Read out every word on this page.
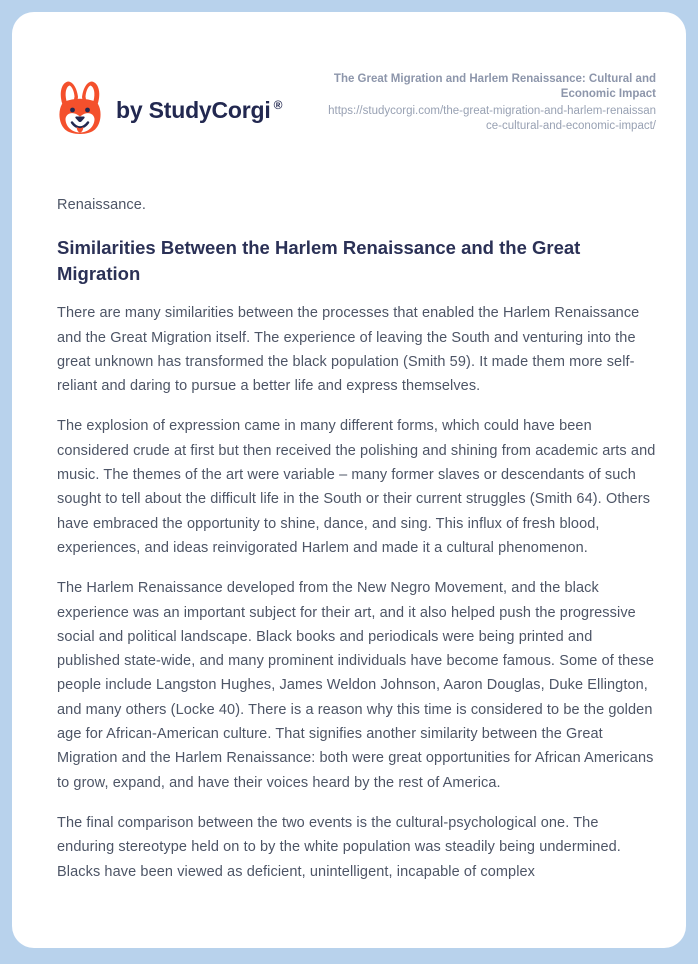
by StudyCorgi ®
The Great Migration and Harlem Renaissance: Cultural and Economic Impact
https://studycorgi.com/the-great-migration-and-harlem-renaissance-cultural-and-economic-impact/

Renaissance.

Similarities Between the Harlem Renaissance and the Great Migration

There are many similarities between the processes that enabled the Harlem Renaissance and the Great Migration itself. The experience of leaving the South and venturing into the great unknown has transformed the black population (Smith 59). It made them more self-reliant and daring to pursue a better life and express themselves.

The explosion of expression came in many different forms, which could have been considered crude at first but then received the polishing and shining from academic arts and music. The themes of the art were variable – many former slaves or descendants of such sought to tell about the difficult life in the South or their current struggles (Smith 64). Others have embraced the opportunity to shine, dance, and sing. This influx of fresh blood, experiences, and ideas reinvigorated Harlem and made it a cultural phenomenon.

The Harlem Renaissance developed from the New Negro Movement, and the black experience was an important subject for their art, and it also helped push the progressive social and political landscape. Black books and periodicals were being printed and published state-wide, and many prominent individuals have become famous. Some of these people include Langston Hughes, James Weldon Johnson, Aaron Douglas, Duke Ellington, and many others (Locke 40). There is a reason why this time is considered to be the golden age for African-American culture. That signifies another similarity between the Great Migration and the Harlem Renaissance: both were great opportunities for African Americans to grow, expand, and have their voices heard by the rest of America.

The final comparison between the two events is the cultural-psychological one. The enduring stereotype held on to by the white population was steadily being undermined. Blacks have been viewed as deficient, unintelligent, incapable of complex
